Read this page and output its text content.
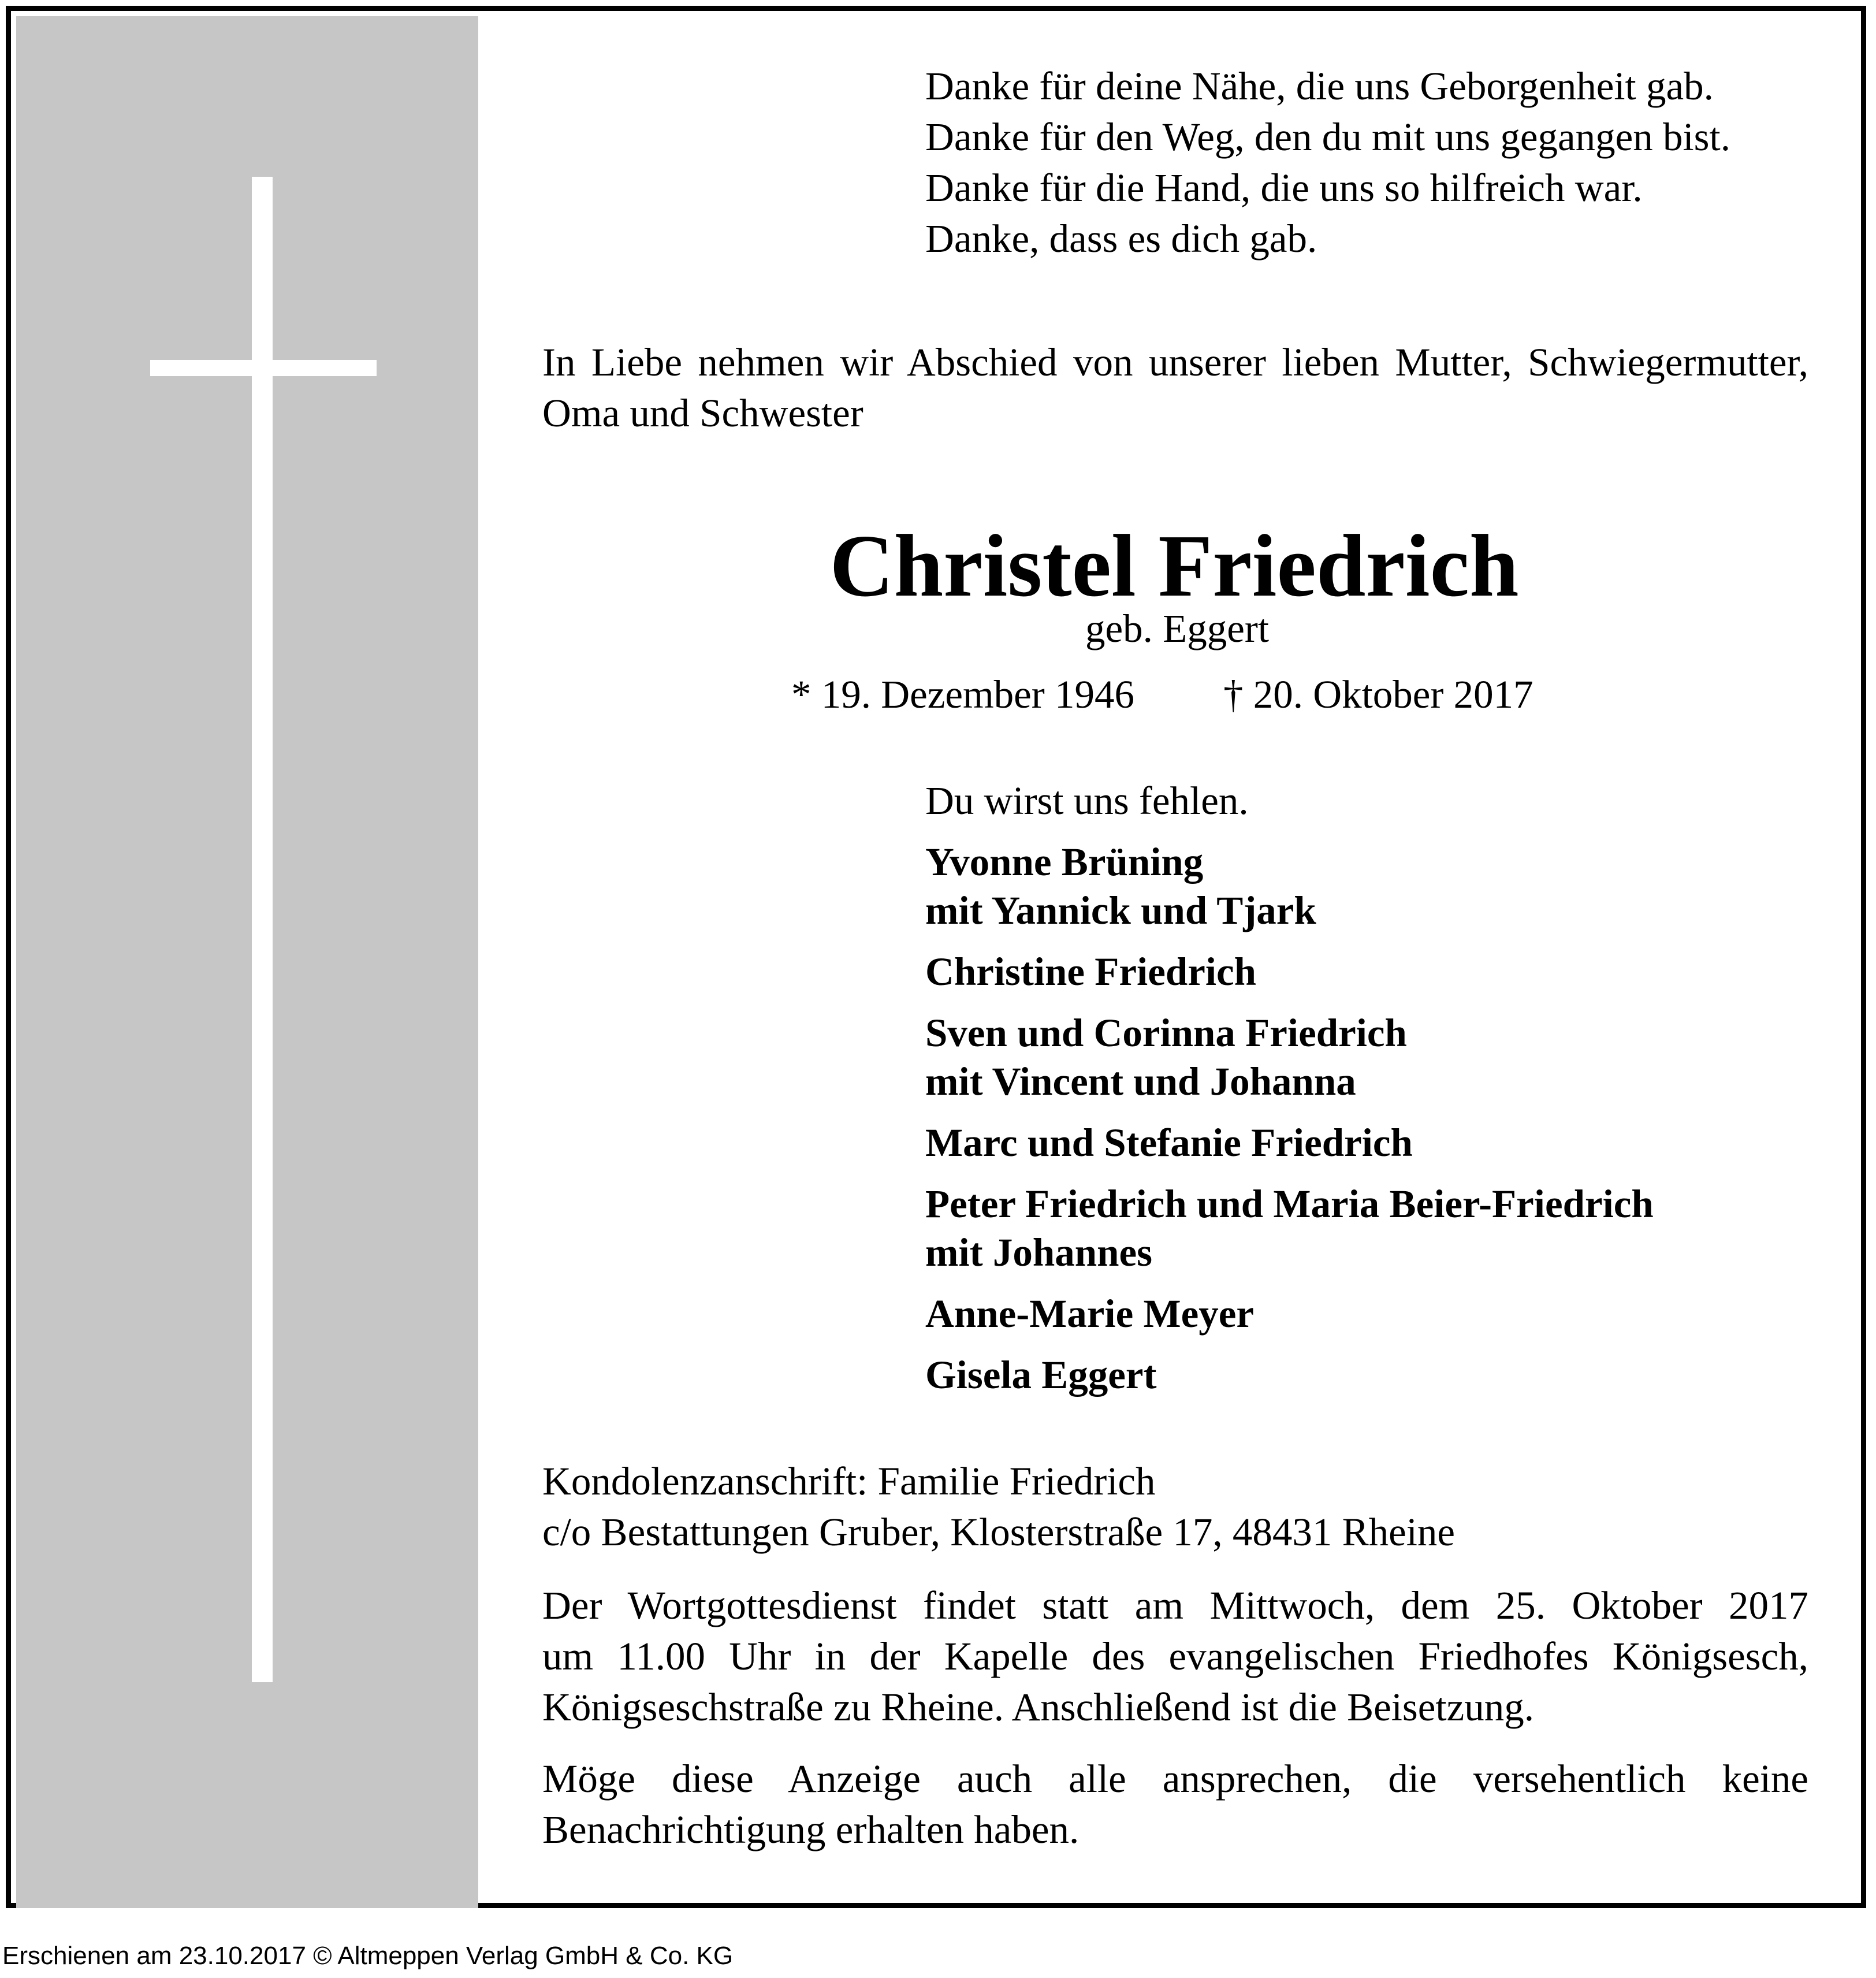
Danke für deine Nähe, die uns Geborgenheit gab.
Danke für den Weg, den du mit uns gegangen bist.
Danke für die Hand, die uns so hilfreich war.
Danke, dass es dich gab.
In Liebe nehmen wir Abschied von unserer lieben Mutter, Schwiegermutter,
Oma und Schwester
Christel Friedrich
geb. Eggert
* 19. Dezember 1946 † 20. Oktober 2017
Du wirst uns fehlen.
Yvonne Brüning
mit Yannick und Tjark
Christine Friedrich
Sven und Corinna Friedrich
mit Vincent und Johanna
Marc und Stefanie Friedrich
Peter Friedrich und Maria Beier-Friedrich
mit Johannes
Anne-Marie Meyer
Gisela Eggert
Kondolenzanschrift: Familie Friedrich
c/o Bestattungen Gruber, Klosterstraße 17, 48431 Rheine
Der Wortgottesdienst findet statt am Mittwoch, dem 25. Oktober 2017
um 11.00 Uhr in der Kapelle des evangelischen Friedhofes Königsesch,
Königseschstraße zu Rheine. Anschließend ist die Beisetzung.
Möge diese Anzeige auch alle ansprechen, die versehentlich keine
Benachrichtigung erhalten haben.
Erschienen am 23.10.2017 © Altmeppen Verlag GmbH & Co. KG
